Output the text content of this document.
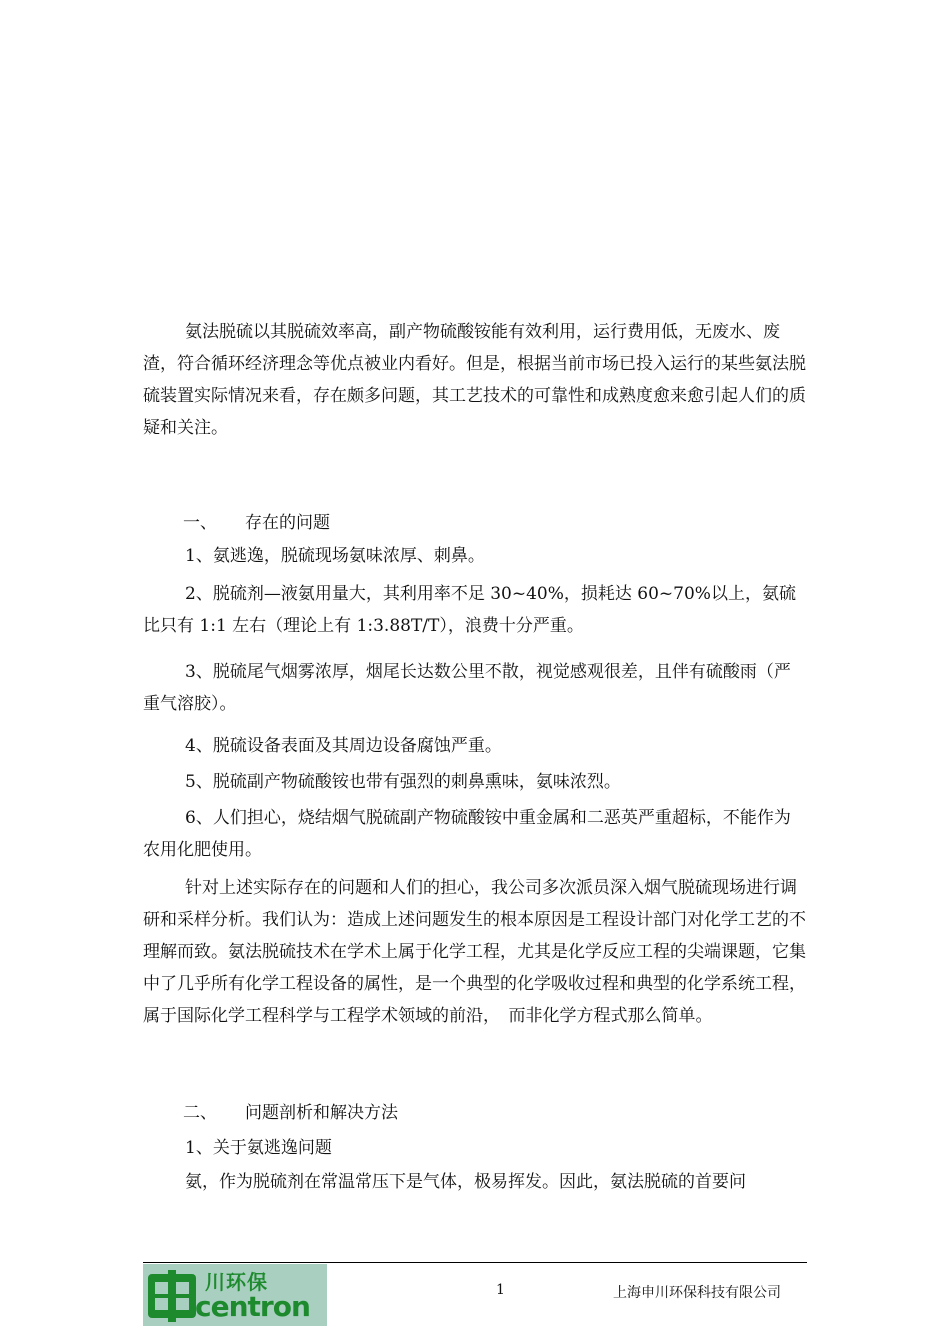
氨法脱硫以其脱硫效率高，副产物硫酸铵能有效利用，运行费用低，无废水、废渣，符合循环经济理念等优点被业内看好。但是，根据当前市场已投入运行的某些氨法脱硫装置实际情况来看，存在颇多问题，其工艺技术的可靠性和成熟度愈来愈引起人们的质疑和关注。

一、 存在的问题

1、氨逃逸，脱硫现场氨味浓厚、刺鼻。

2、脱硫剂—液氨用量大，其利用率不足 30~40%，损耗达 60~70%以上，氨硫比只有 1:1 左右（理论上有 1:3.88T/T），浪费十分严重。

3、脱硫尾气烟雾浓厚，烟尾长达数公里不散，视觉感观很差，且伴有硫酸雨（严重气溶胶）。

4、脱硫设备表面及其周边设备腐蚀严重。

5、脱硫副产物硫酸铵也带有强烈的刺鼻熏味，氨味浓烈。

6、人们担心，烧结烟气脱硫副产物硫酸铵中重金属和二恶英严重超标，不能作为农用化肥使用。

针对上述实际存在的问题和人们的担心，我公司多次派员深入烟气脱硫现场进行调研和采样分析。我们认为：造成上述问题发生的根本原因是工程设计部门对化学工艺的不理解而致。氨法脱硫技术在学术上属于化学工程，尤其是化学反应工程的尖端课题，它集中了几乎所有化学工程设备的属性，是一个典型的化学吸收过程和典型的化学系统工程，属于国际化学工程科学与工程学术领域的前沿，　而非化学方程式那么简单。

二、 问题剖析和解决方法

1、关于氨逃逸问题

氨，作为脱硫剂在常温常压下是气体，极易挥发。因此，氨法脱硫的首要问

川环保
centron	1	上海申川环保科技有限公司
